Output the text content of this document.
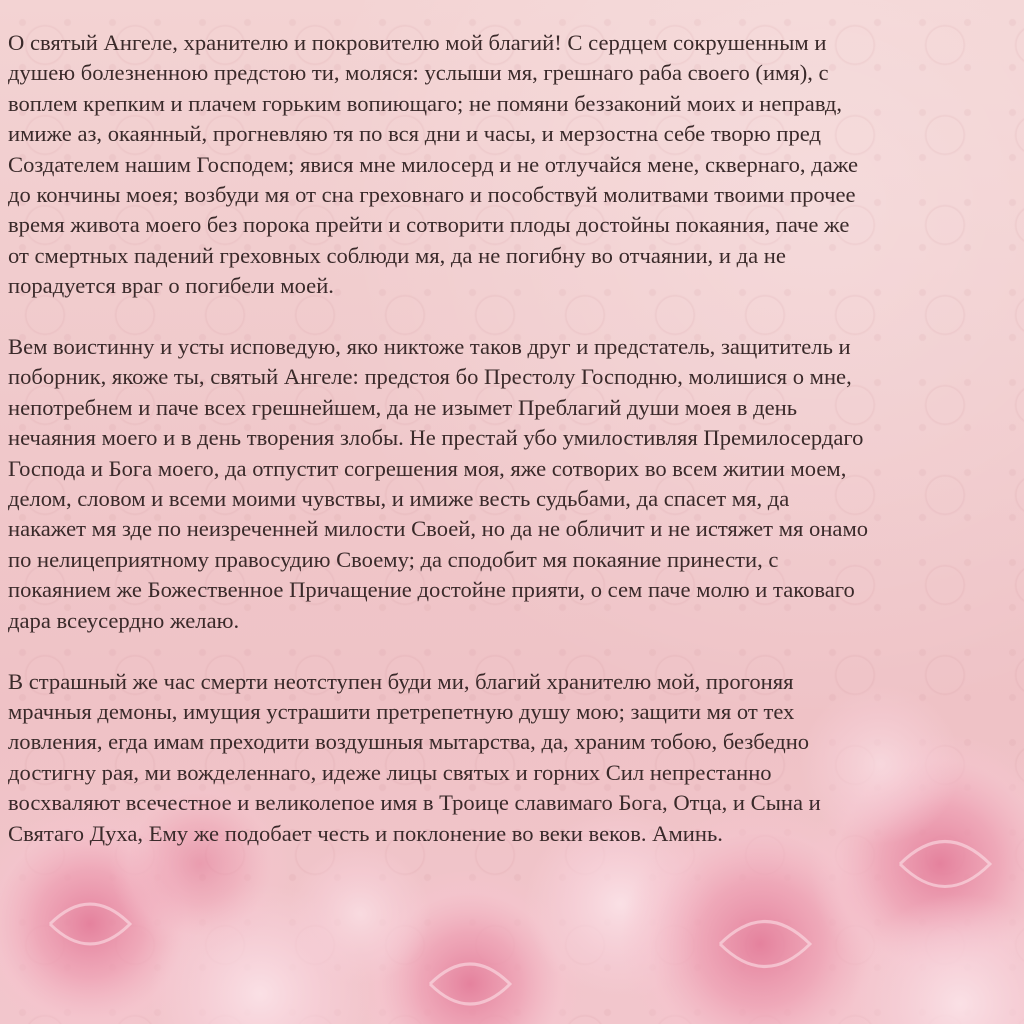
О святый Ангеле, хранителю и покровителю мой благий! С сердцем сокрушенным и
душею болезненною предстою ти, моляся: услыши мя, грешнаго раба своего (имя), с
воплем крепким и плачем горьким вопиющаго; не помяни беззаконий моих и неправд,
имиже аз, окаянный, прогневляю тя по вся дни и часы, и мерзостна себе творю пред
Создателем нашим Господем; явися мне милосерд и не отлучайся мене, сквернаго, даже
до кончины моея; возбуди мя от сна греховнаго и пособствуй молитвами твоими прочее
время живота моего без порока прейти и сотворити плоды достойны покаяния, паче же
от смертных падений греховных соблюди мя, да не погибну во отчаянии, и да не
порадуется враг о погибели моей.

Вем воистинну и усты исповедую, яко никтоже таков друг и предстатель, защититель и
поборник, якоже ты, святый Ангеле: предстоя бо Престолу Господню, молишися о мне,
непотребнем и паче всех грешнейшем, да не изымет Преблагий души моея в день
нечаяния моего и в день творения злобы. Не престай убо умилостивляя Премилосердаго
Господа и Бога моего, да отпустит согрешения моя, яже сотворих во всем житии моем,
делом, словом и всеми моими чувствы, и имиже весть судьбами, да спасет мя, да
накажет мя зде по неизреченней милости Своей, но да не обличит и не истяжет мя онамо
по нелицеприятному правосудию Своему; да сподобит мя покаяние принести, с
покаянием же Божественное Причащение достойне прияти, о сем паче молю и таковаго
дара всеусердно желаю.

В страшный же час смерти неотступен буди ми, благий хранителю мой, прогоняя
мрачныя демоны, имущия устрашити претрепетную душу мою; защити мя от тех
ловления, егда имам преходити воздушныя мытарства, да, храним тобою, безбедно
достигну рая, ми вожделеннаго, идеже лицы святых и горних Сил непрестанно
восхваляют всечестное и великолепое имя в Троице славимаго Бога, Отца, и Сына и
Святаго Духа, Ему же подобает честь и поклонение во веки веков. Аминь.
